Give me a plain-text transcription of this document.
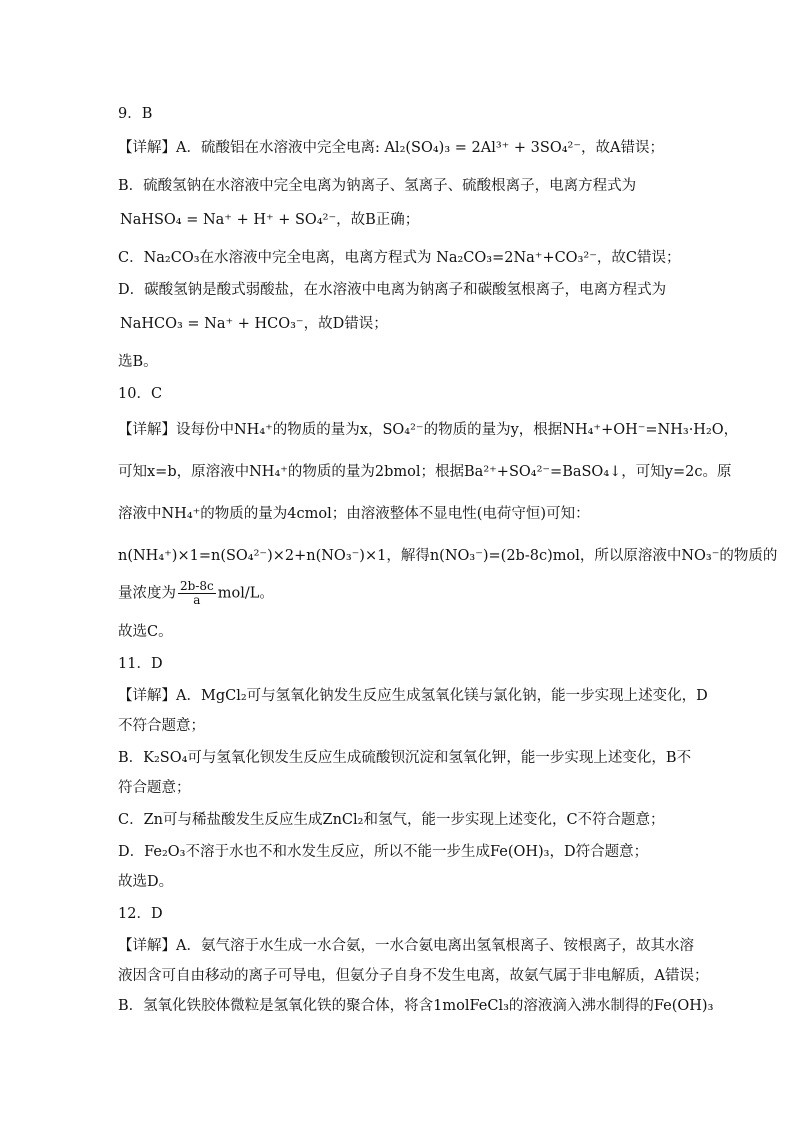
9．B
【详解】A．硫酸铝在水溶液中完全电离: Al₂(SO₄)₃ = 2Al³⁺ + 3SO₄²⁻，故A错误；
B．硫酸氢钠在水溶液中完全电离为钠离子、氢离子、硫酸根离子，电离方程式为
NaHSO₄ = Na⁺ + H⁺ + SO₄²⁻，故B正确；
C．Na₂CO₃在水溶液中完全电离，电离方程式为 Na₂CO₃=2Na⁺+CO₃²⁻，故C错误；
D．碳酸氢钠是酸式弱酸盐，在水溶液中电离为钠离子和碳酸氢根离子，电离方程式为
NaHCO₃ = Na⁺ + HCO₃⁻，故D错误；
选B。
10．C
【详解】设每份中NH₄⁺的物质的量为x，SO₄²⁻的物质的量为y，根据NH₄⁺+OH⁻=NH₃·H₂O，
可知x=b，原溶液中NH₄⁺的物质的量为2bmol；根据Ba²⁺+SO₄²⁻=BaSO₄↓，可知y=2c。原
溶液中NH₄⁺的物质的量为4cmol；由溶液整体不显电性(电荷守恒)可知：
n(NH₄⁺)×1=n(SO₄²⁻)×2+n(NO₃⁻)×1，解得n(NO₃⁻)=(2b-8c)mol，所以原溶液中NO₃⁻的物质的
量浓度为 $\frac{2b-8c}{a} mol/L$。
故选C。
11．D
【详解】A．MgCl₂可与氢氧化钠发生反应生成氢氧化镁与氯化钠，能一步实现上述变化，D
不符合题意；
B．K₂SO₄可与氢氧化钡发生反应生成硫酸钡沉淀和氢氧化钾，能一步实现上述变化，B不
符合题意；
C．Zn可与稀盐酸发生反应生成ZnCl₂和氢气，能一步实现上述变化，C不符合题意；
D．Fe₂O₃不溶于水也不和水发生反应，所以不能一步生成Fe(OH)₃，D符合题意；
故选D。
12．D
【详解】A．氨气溶于水生成一水合氨，一水合氨电离出氢氧根离子、铵根离子，故其水溶
液因含可自由移动的离子可导电，但氨分子自身不发生电离，故氨气属于非电解质，A错误；
B．氢氧化铁胶体微粒是氢氧化铁的聚合体，将含1molFeCl₃的溶液滴入沸水制得的Fe(OH)₃
